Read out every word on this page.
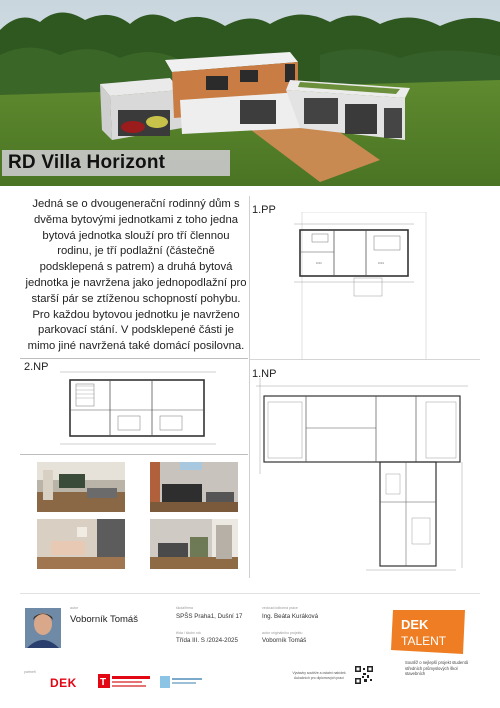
RD Villa Horizont

Jedná se o dvougenerační rodinný dům s dvěma bytovými jednotkami z toho jedna bytová jednotka slouží pro tří člennou rodinu, je tří podlažní (částečně podsklepená s patrem) a druhá bytová jednotka je navržena jako jednopodlažní pro starší pár se ztíženou schopností pohybu. Pro každou bytovou jednotku je navrženo parkovací stání. V podsklepené části je mimo jiné navržená také domácí posilovna.

1.PP
0.01	0.04
2.NP
1.NP
autor
Voborník Tomáš
škola/firma
SPŠS Praha1, Dušní 17
třída / školní rok
Třída III. S /2024-2025
vedoucí/odborná práce
Ing. Beáta Kuráková
autor originálního projektu
Voborník Tomáš
DEK
TALENT
Soutěž o nejlepší projekt studentů středních průmyslových škol stavebních
partneři
DEK T
Výstavky soutěže a ostatní nabídek Aukačních pro diplomových prací
